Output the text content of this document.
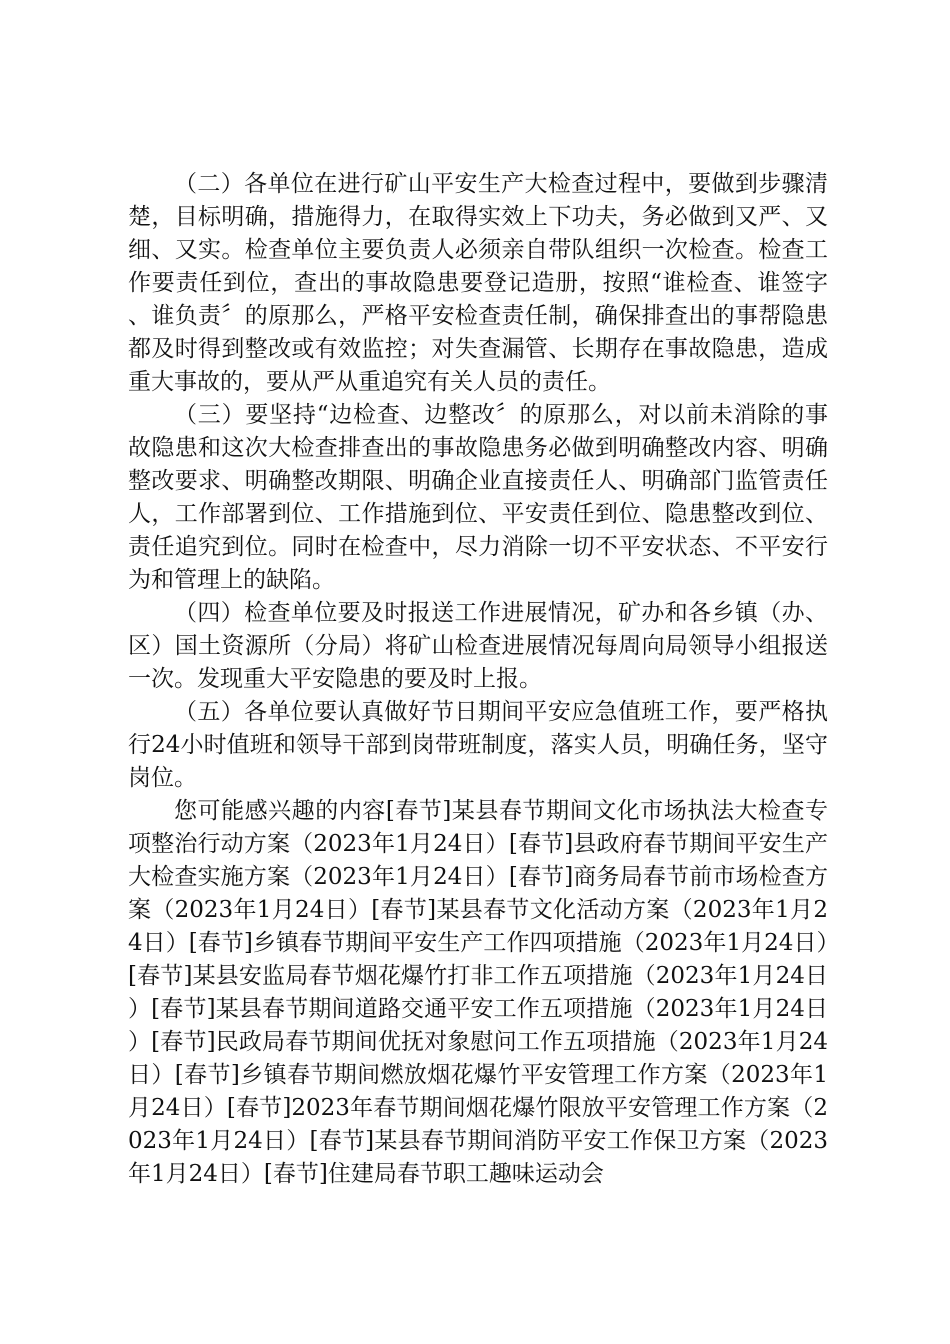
（二）各单位在进行矿山平安生产大检查过程中，要做到步骤清楚，目标明确，措施得力，在取得实效上下功夫，务必做到又严、又细、又实。检查单位主要负责人必须亲自带队组织一次检查。检查工作要责任到位，查出的事故隐患要登记造册，按照“谁检查、谁签字、谁负责〞的原那么，严格平安检查责任制，确保排查出的事帮隐患都及时得到整改或有效监控；对失查漏管、长期存在事故隐患，造成重大事故的，要从严从重追究有关人员的责任。

（三）要坚持“边检查、边整改〞的原那么，对以前未消除的事故隐患和这次大检查排查出的事故隐患务必做到明确整改内容、明确整改要求、明确整改期限、明确企业直接责任人、明确部门监管责任人，工作部署到位、工作措施到位、平安责任到位、隐患整改到位、责任追究到位。同时在检查中，尽力消除一切不平安状态、不平安行为和管理上的缺陷。

（四）检查单位要及时报送工作进展情况，矿办和各乡镇（办、区）国土资源所（分局）将矿山检查进展情况每周向局领导小组报送一次。发现重大平安隐患的要及时上报。

（五）各单位要认真做好节日期间平安应急值班工作，要严格执行24小时值班和领导干部到岗带班制度，落实人员，明确任务，坚守岗位。

您可能感兴趣的内容[春节]某县春节期间文化市场执法大检查专项整治行动方案（2023年1月24日）[春节]县政府春节期间平安生产大检查实施方案（2023年1月24日）[春节]商务局春节前市场检查方案（2023年1月24日）[春节]某县春节文化活动方案（2023年1月24日）[春节]乡镇春节期间平安生产工作四项措施（2023年1月24日）[春节]某县安监局春节烟花爆竹打非工作五项措施（2023年1月24日）[春节]某县春节期间道路交通平安工作五项措施（2023年1月24日）[春节]民政局春节期间优抚对象慰问工作五项措施（2023年1月24日）[春节]乡镇春节期间燃放烟花爆竹平安管理工作方案（2023年1月24日）[春节]2023年春节期间烟花爆竹限放平安管理工作方案（2023年1月24日）[春节]某县春节期间消防平安工作保卫方案（2023年1月24日）[春节]住建局春节职工趣味运动会
